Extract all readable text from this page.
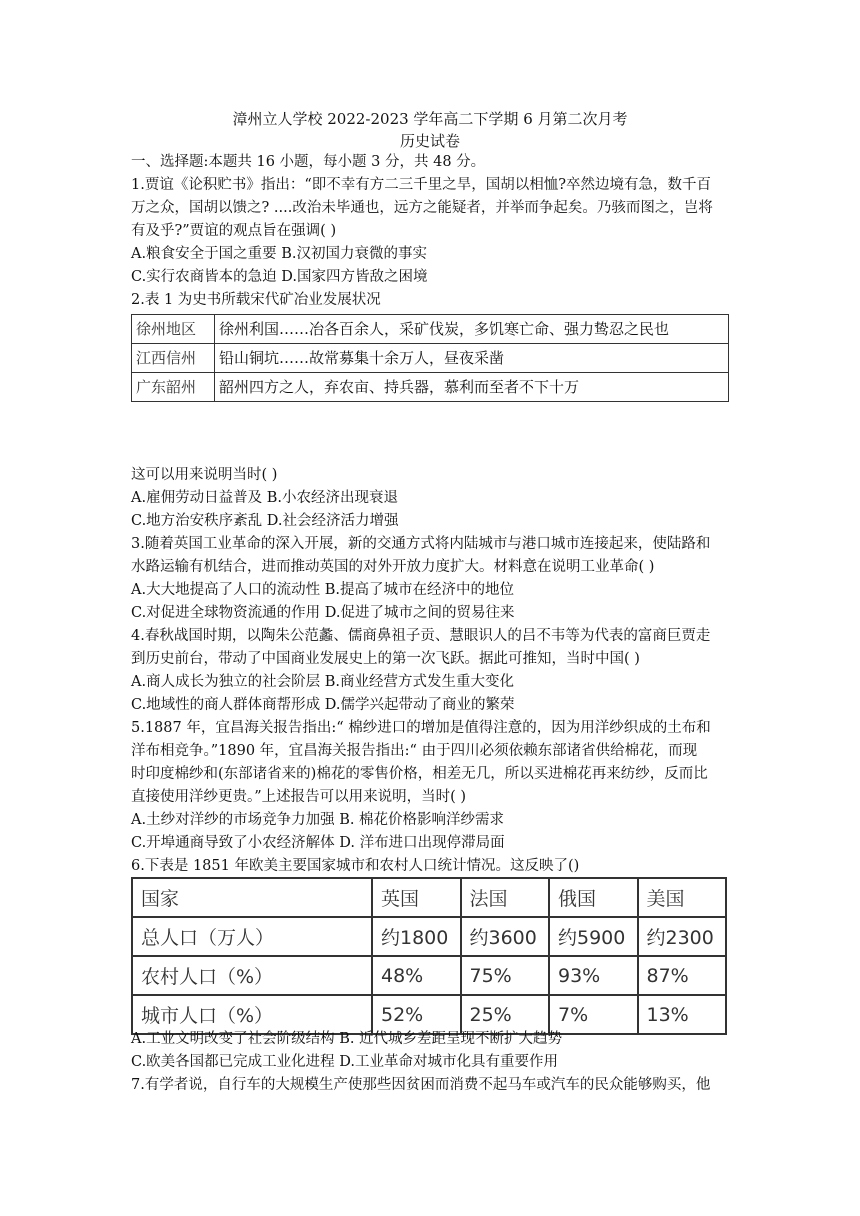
漳州立人学校 2022-2023 学年高二下学期 6 月第二次月考
历史试卷
一、选择题:本题共 16 小题，每小题 3 分，共 48 分。
1.贾谊《论积贮书》指出：“即不幸有方二三千里之旱，国胡以相恤?卒然边境有急，数千百
万之众，国胡以馈之? ....改治未毕通也，远方之能疑者，并举而争起矣。乃骇而图之，岂将
有及乎?”贾谊的观点旨在强调( )
A.粮食安全于国之重要 B.汉初国力衰微的事实
C.实行农商皆本的急迫 D.国家四方皆敌之困境
2.表 1 为史书所载宋代矿冶业发展状况
徐州地区	徐州利国……冶各百余人，采矿伐炭，多饥寒亡命、强力鸷忍之民也
江西信州	铅山铜坑……故常募集十余万人，昼夜采凿
广东韶州	韶州四方之人，弃农亩、持兵器，慕利而至者不下十万
这可以用来说明当时( )
A.雇佣劳动日益普及 B.小农经济出现衰退
C.地方治安秩序紊乱 D.社会经济活力增强
3.随着英国工业革命的深入开展，新的交通方式将内陆城市与港口城市连接起来，使陆路和
水路运输有机结合，进而推动英国的对外开放力度扩大。材料意在说明工业革命( )
A.大大地提高了人口的流动性 B.提高了城市在经济中的地位
C.对促进全球物资流通的作用 D.促进了城市之间的贸易往来
4.春秋战国时期，以陶朱公范蠡、儒商鼻祖子贡、慧眼识人的吕不韦等为代表的富商巨贾走
到历史前台，带动了中国商业发展史上的第一次飞跃。据此可推知，当时中国( )
A.商人成长为独立的社会阶层 B.商业经营方式发生重大变化
C.地域性的商人群体商帮形成 D.儒学兴起带动了商业的繁荣
5.1887 年，宜昌海关报告指出:“ 棉纱进口的增加是值得注意的，因为用洋纱织成的土布和
洋布相竞争。”1890 年，宜昌海关报告指出:“ 由于四川必须依赖东部诸省供给棉花，而现
时印度棉纱和(东部诸省来的)棉花的零售价格，相差无几，所以买进棉花再来纺纱，反而比
直接使用洋纱更贵。”上述报告可以用来说明，当时( )
A.土纱对洋纱的市场竞争力加强 B. 棉花价格影响洋纱需求
C.开埠通商导致了小农经济解体 D. 洋布进口出现停滞局面
6.下表是 1851 年欧美主要国家城市和农村人口统计情况。这反映了()
国家	英国	法国	俄国	美国
总人口（万人）	约1800	约3600	约5900	约2300
农村人口（%）	48%	75%	93%	87%
城市人口（%）	52%	25%	7%	13%
A.工业文明改变了社会阶级结构 B. 近代城乡差距呈现不断扩大趋势
C.欧美各国都已完成工业化进程 D.工业革命对城市化具有重要作用
7.有学者说，自行车的大规模生产使那些因贫困而消费不起马车或汽车的民众能够购买，他
